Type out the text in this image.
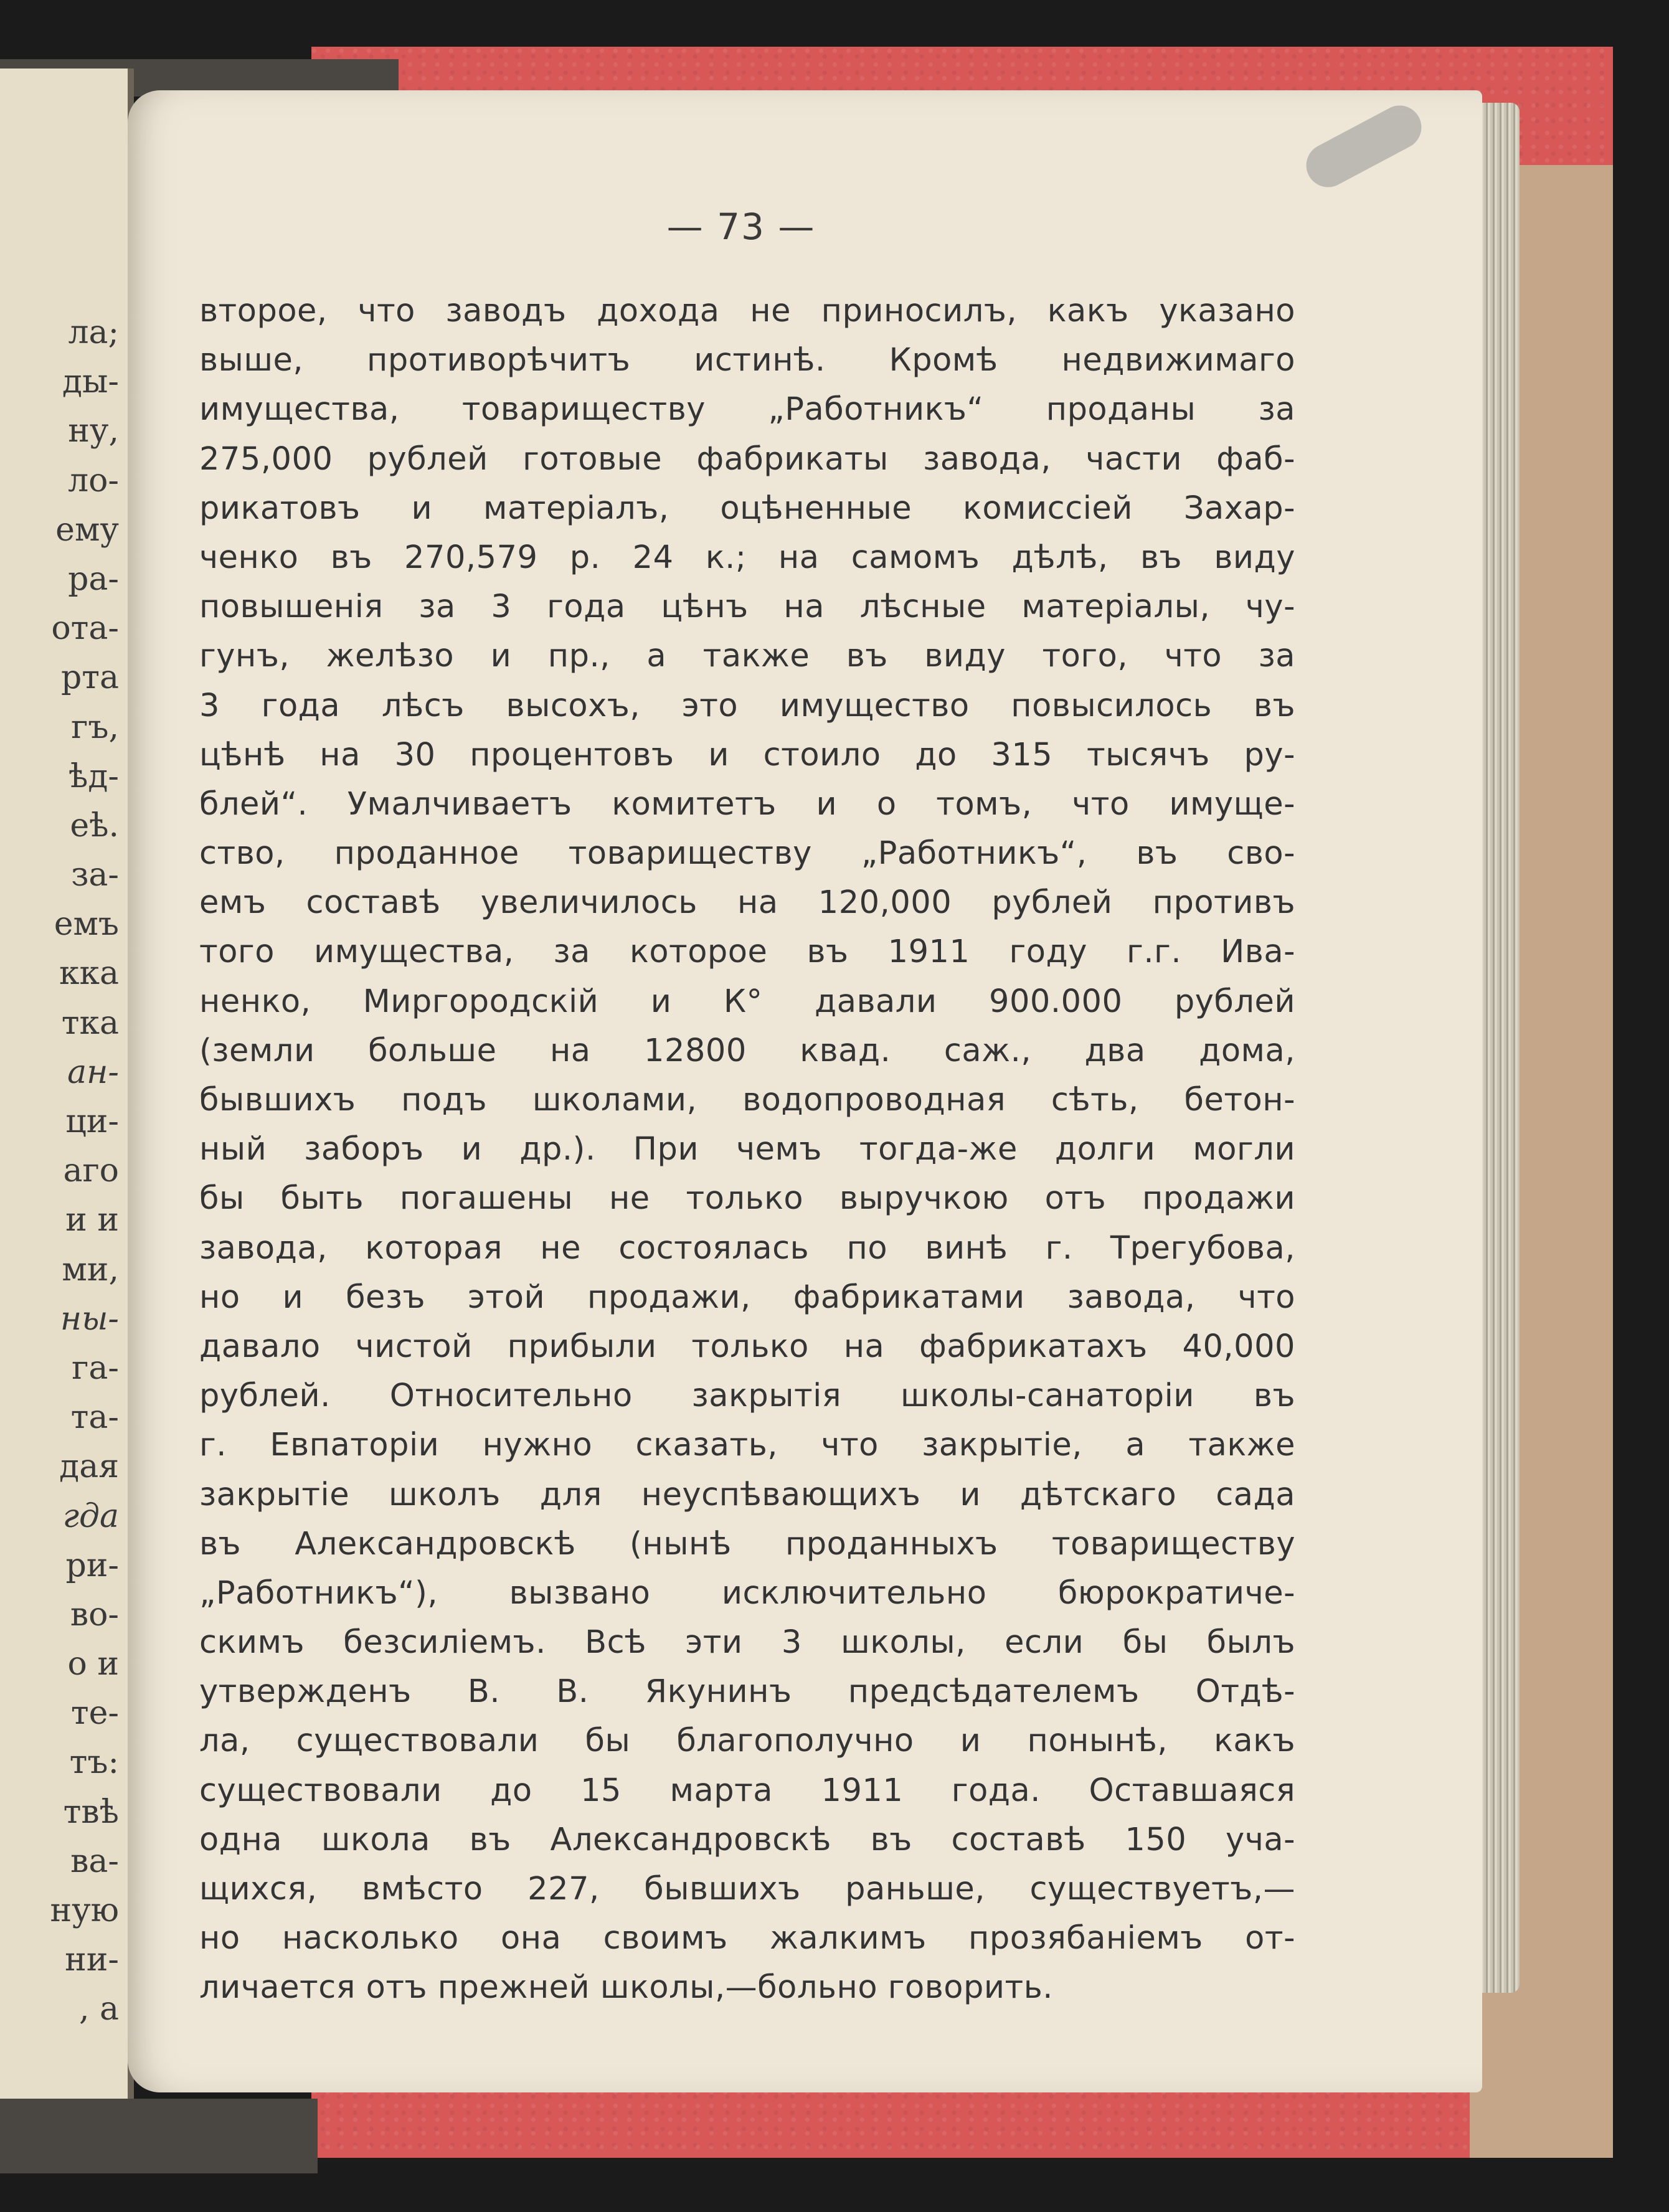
ла;
ды-
ну,
ло-
ему
ра-
ота-
рта
гъ,
ѣд-
еѣ.
за-
емъ
кка
тка
ан-
ци-
аго
и и
ми,
ны-
га-
та-
дая
гда
ри-
во-
о и
те-
тъ:
твѣ
ва-
ную
ни-
, а
— 73 —
второе, что заводъ дохода не приносилъ, какъ указано
выше, противорѣчитъ истинѣ. Кромѣ недвижимаго
имущества, товариществу „Работникъ“ проданы за
275,000 рублей готовые фабрикаты завода, части фаб-
рикатовъ и матеріалъ, оцѣненные комиссіей Захар-
ченко въ 270,579 р. 24 к.; на самомъ дѣлѣ, въ виду
повышенія за 3 года цѣнъ на лѣсные матеріалы, чу-
гунъ, желѣзо и пр., а также въ виду того, что за
3 года лѣсъ высохъ, это имущество повысилось въ
цѣнѣ на 30 процентовъ и стоило до 315 тысячъ ру-
блей“. Умалчиваетъ комитетъ и о томъ, что имуще-
ство, проданное товариществу „Работникъ“, въ сво-
емъ составѣ увеличилось на 120,000 рублей противъ
того имущества, за которое въ 1911 году г.г. Ива-
ненко, Миргородскій и К° давали 900.000 рублей
(земли больше на 12800 квад. саж., два дома,
бывшихъ подъ школами, водопроводная сѣть, бетон-
ный заборъ и др.). При чемъ тогда-же долги могли
бы быть погашены не только выручкою отъ продажи
завода, которая не состоялась по винѣ г. Трегубова,
но и безъ этой продажи, фабрикатами завода, что
давало чистой прибыли только на фабрикатахъ 40,000
рублей. Относительно закрытія школы-санаторіи въ
г. Евпаторіи нужно сказать, что закрытіе, а также
закрытіе школъ для неуспѣвающихъ и дѣтскаго сада
въ Александровскѣ (нынѣ проданныхъ товариществу
„Работникъ“), вызвано исключительно бюрократиче-
скимъ безсиліемъ. Всѣ эти 3 школы, если бы былъ
утвержденъ В. В. Якунинъ предсѣдателемъ Отдѣ-
ла, существовали бы благополучно и понынѣ, какъ
существовали до 15 марта 1911 года. Оставшаяся
одна школа въ Александровскѣ въ составѣ 150 уча-
щихся, вмѣсто 227, бывшихъ раньше, существуетъ,—
но насколько она своимъ жалкимъ прозябаніемъ от-
личается отъ прежней школы,—больно говорить.
